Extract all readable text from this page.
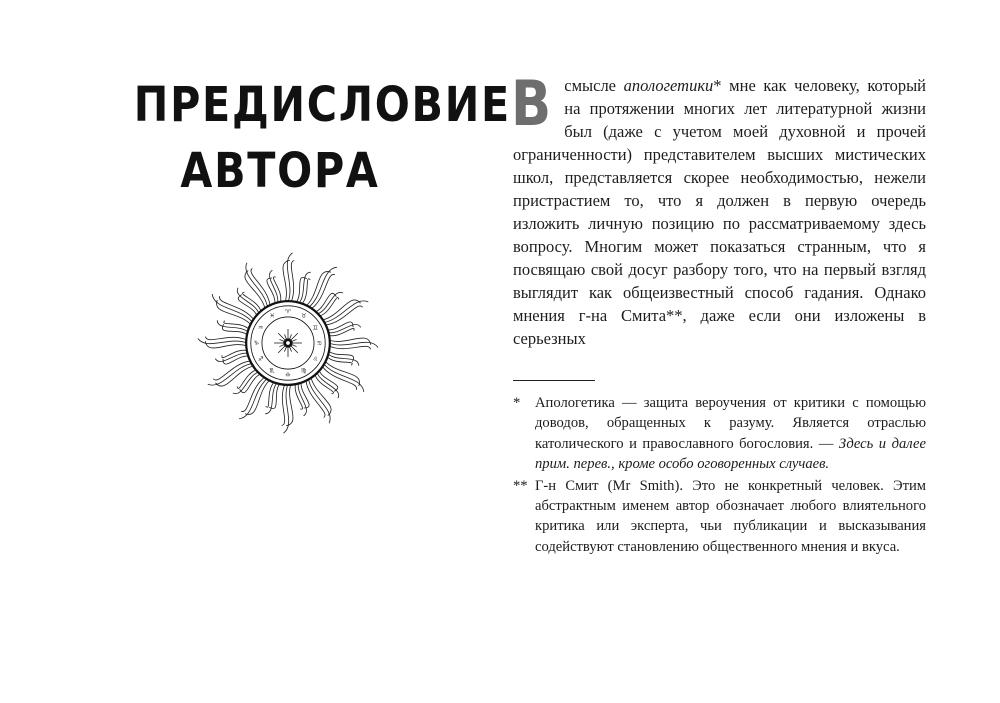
ПРЕДИСЛОВИЕ
АВТОРА
♈
♉
♊
♋
♌
♍
♎
♏
♐
♑
♒
♓
Всмысле апологетики* мне как человеку, который на протяжении многих лет литературной жизни был (даже с учетом моей духовной и прочей ограниченности) представителем высших мистических школ, представляется скорее необходимостью, нежели пристрастием то, что я должен в первую очередь изложить личную позицию по рассматриваемому здесь вопросу. Многим может показаться странным, что я посвящаю свой досуг разбору того, что на первый взгляд выглядит как общеизвестный способ гадания. Однако мнения г-на Смита**, даже если они изложены в серьезных
*	Апологетика — защита вероучения от критики с помощью доводов, обращенных к разуму. Является отраслью католического и православного богословия. — Здесь и далее прим. перев., кроме особо оговоренных случаев.
** Г-н Смит (Mr Smith). Это не конкретный человек. Этим абстрактным именем автор обозначает любого влиятельного критика или эксперта, чьи публикации и высказывания содействуют становлению общественного мнения и вкуса.
